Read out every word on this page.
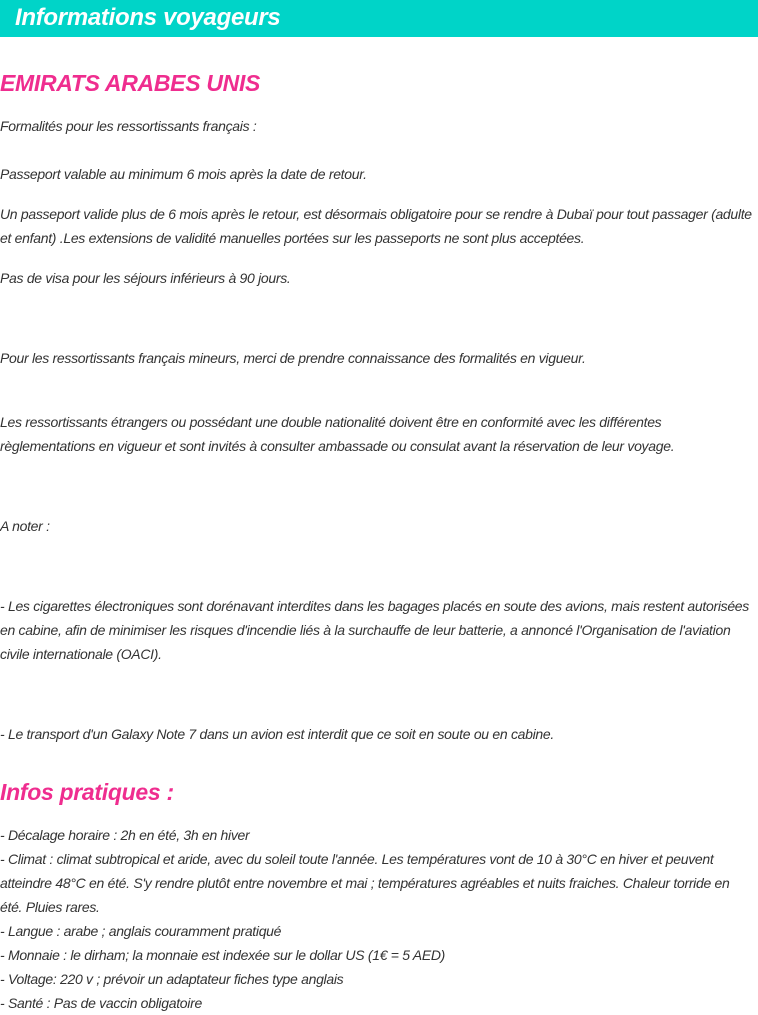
Informations voyageurs
EMIRATS ARABES UNIS
Formalités pour les ressortissants français :
Passeport valable au minimum 6 mois après la date de retour.
Un passeport valide plus de 6 mois après le retour, est désormais obligatoire pour se rendre à Dubaï pour tout passager (adulte et enfant) .Les extensions de validité manuelles portées sur les passeports ne sont plus acceptées.
Pas de visa pour les séjours inférieurs à 90 jours.
Pour les ressortissants français mineurs, merci de prendre connaissance des formalités en vigueur.
Les ressortissants étrangers ou possédant une double nationalité doivent être en conformité avec les différentes règlementations en vigueur et sont invités à consulter ambassade ou consulat avant la réservation de leur voyage.
A noter :
- Les cigarettes électroniques sont dorénavant interdites dans les bagages placés en soute des avions, mais restent autorisées en cabine, afin de minimiser les risques d'incendie liés à la surchauffe de leur batterie, a annoncé l'Organisation de l'aviation civile internationale (OACI).
- Le transport d'un Galaxy Note 7 dans un avion est interdit que ce soit en soute ou en cabine.
Infos pratiques :
- Décalage horaire : 2h en été, 3h en hiver
- Climat : climat subtropical et aride, avec du soleil toute l'année. Les températures vont de 10 à 30°C en hiver et peuvent atteindre 48°C en été. S'y rendre plutôt entre novembre et mai ; températures agréables et nuits fraiches. Chaleur torride en été. Pluies rares.
- Langue : arabe ; anglais couramment pratiqué
- Monnaie : le dirham; la monnaie est indexée sur le dollar US (1€ = 5 AED)
- Voltage: 220 v ; prévoir un adaptateur fiches type anglais
- Santé : Pas de vaccin obligatoire
